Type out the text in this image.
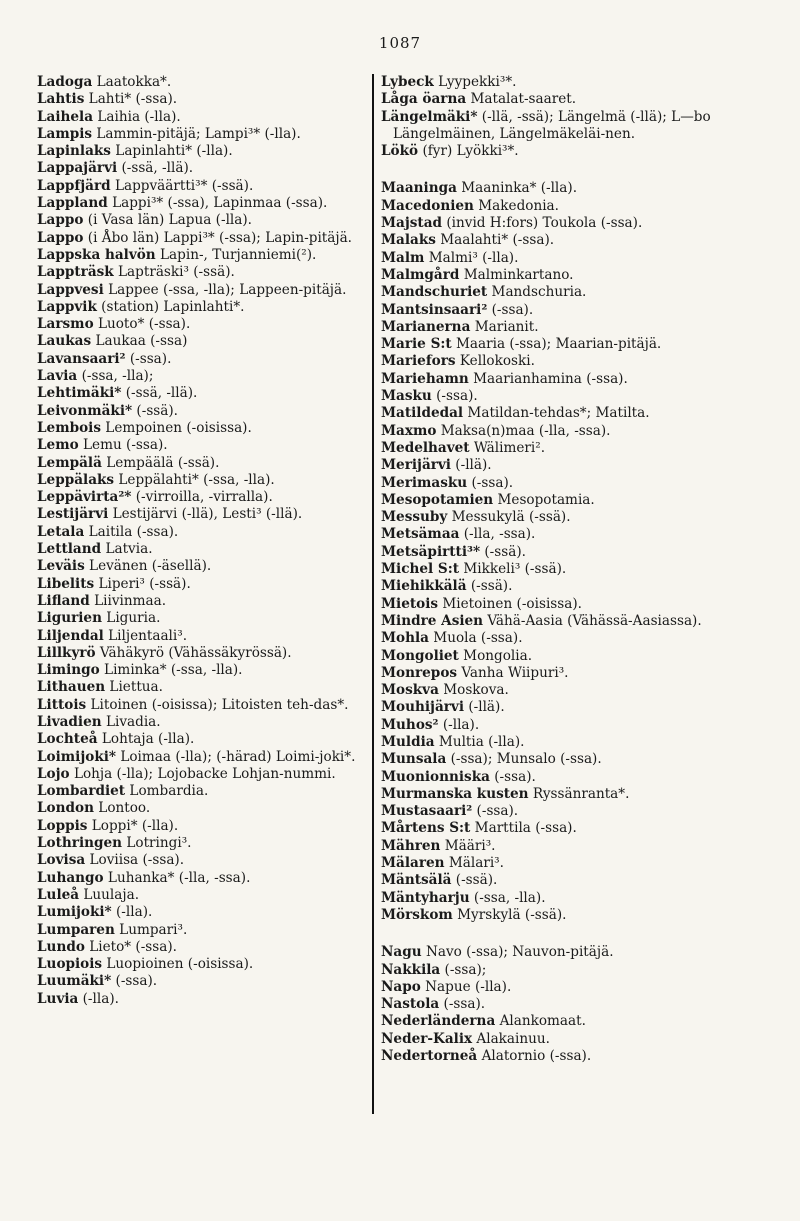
1087

Ladoga Laatokka*.

Lahtis Lahti* (-ssa).

Laihela Laihia (-lla).

Lampis Lammin-pitäjä; Lampi³* (-lla).

Lapinlaks Lapinlahti* (-lla).

Lappajärvi (-ssä, -llä).

Lappfjärd Lappväärtti³* (-ssä).

Lappland Lappi³* (-ssa), Lapinmaa (-ssa).

Lappo (i Vasa län) Lapua (-lla).

Lappo (i Åbo län) Lappi³* (-ssa); Lapin-pitäjä.

Lappska halvön Lapin-, Turjanniemi(²).

Lappträsk Lapträski³ (-ssä).

Lappvesi Lappee (-ssa, -lla); Lappeen-pitäjä.

Lappvik (station) Lapinlahti*.

Larsmo Luoto* (-ssa).

Laukas Laukaa (-ssa)

Lavansaari² (-ssa).

Lavia (-ssa, -lla);

Lehtimäki* (-ssä, -llä).

Leivonmäki* (-ssä).

Lembois Lempoinen (-oisissa).

Lemo Lemu (-ssa).

Lempälä Lempäälä (-ssä).

Leppälaks Leppälahti* (-ssa, -lla).

Leppävirta²* (-virroilla, -virralla).

Lestijärvi Lestijärvi (-llä), Lesti³ (-llä).

Letala Laitila (-ssa).

Lettland Latvia.

Leväis Levänen (-äsellä).

Libelits Liperi³ (-ssä).

Lifland Liivinmaa.

Ligurien Liguria.

Liljendal Liljentaali³.

Lillkyrö Vähäkyrö (Vähässäkyrössä).

Limingo Liminka* (-ssa, -lla).

Lithauen Liettua.

Littois Litoinen (-oisissa); Litoisten teh-das*.

Livadien Livadia.

Lochteå Lohtaja (-lla).

Loimijoki* Loimaa (-lla); (-härad) Loimi-joki*.

Lojo Lohja (-lla); Lojobacke Lohjan-nummi.

Lombardiet Lombardia.

London Lontoo.

Loppis Loppi* (-lla).

Lothringen Lotringi³.

Lovisa Loviisa (-ssa).

Luhango Luhanka* (-lla, -ssa).

Luleå Luulaja.

Lumijoki* (-lla).

Lumparen Lumpari³.

Lundo Lieto* (-ssa).

Luopiois Luopioinen (-oisissa).

Luumäki* (-ssa).

Luvia (-lla).

Lybeck Lyypekki³*.

Låga öarna Matalat-saaret.

Längelmäki* (-llä, -ssä); Längelmä (-llä); L—bo Längelmäinen, Längelmäkeläi-nen.

Lökö (fyr) Lyökki³*.

Maaninga Maaninka* (-lla).

Macedonien Makedonia.

Majstad (invid H:fors) Toukola (-ssa).

Malaks Maalahti* (-ssa).

Malm Malmi³ (-lla).

Malmgård Malminkartano.

Mandschuriet Mandschuria.

Mantsinsaari² (-ssa).

Marianerna Marianit.

Marie S:t Maaria (-ssa); Maarian-pitäjä.

Mariefors Kellokoski.

Mariehamn Maarianhamina (-ssa).

Masku (-ssa).

Matildedal Matildan-tehdas*; Matilta.

Maxmo Maksa(n)maa (-lla, -ssa).

Medelhavet Wälimeri².

Merijärvi (-llä).

Merimasku (-ssa).

Mesopotamien Mesopotamia.

Messuby Messukylä (-ssä).

Metsämaa (-lla, -ssa).

Metsäpirtti³* (-ssä).

Michel S:t Mikkeli³ (-ssä).

Miehikkälä (-ssä).

Mietois Mietoinen (-oisissa).

Mindre Asien Vähä-Aasia (Vähässä-Aasiassa).

Mohla Muola (-ssa).

Mongoliet Mongolia.

Monrepos Vanha Wiipuri³.

Moskva Moskova.

Mouhijärvi (-llä).

Muhos² (-lla).

Muldia Multia (-lla).

Munsala (-ssa); Munsalo (-ssa).

Muonionniska (-ssa).

Murmanska kusten Ryssänranta*.

Mustasaari² (-ssa).

Mårtens S:t Marttila (-ssa).

Mähren Määri³.

Mälaren Mälari³.

Mäntsälä (-ssä).

Mäntyharju (-ssa, -lla).

Mörskom Myrskylä (-ssä).

Nagu Navo (-ssa); Nauvon-pitäjä.

Nakkila (-ssa);

Napo Napue (-lla).

Nastola (-ssa).

Nederländerna Alankomaat.

Neder-Kalix Alakainuu.

Nedertorneå Alatornio (-ssa).
